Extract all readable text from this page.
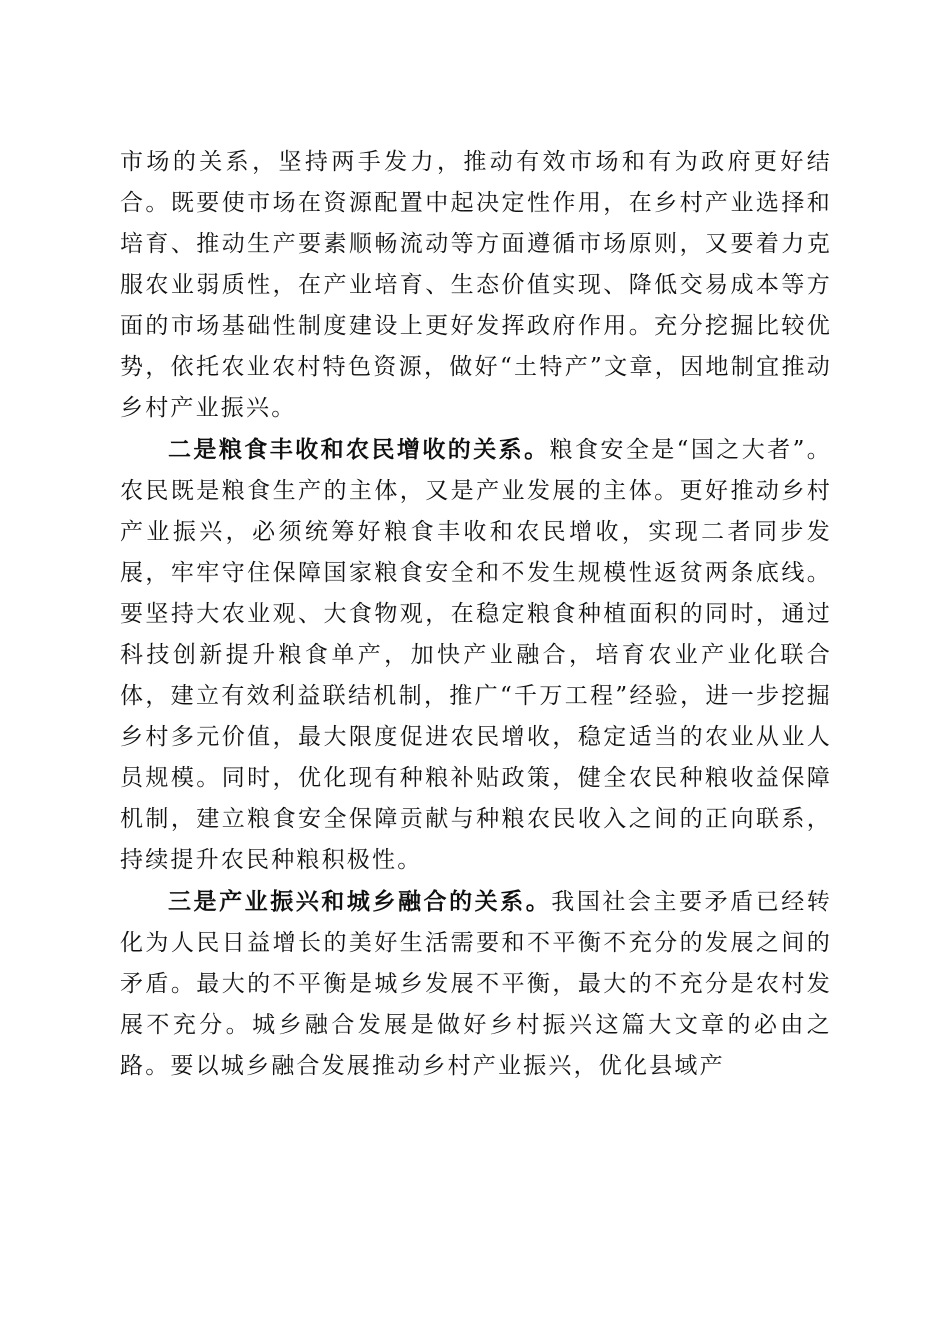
市场的关系，坚持两手发力，推动有效市场和有为政府更好结合。既要使市场在资源配置中起决定性作用，在乡村产业选择和培育、推动生产要素顺畅流动等方面遵循市场原则，又要着力克服农业弱质性，在产业培育、生态价值实现、降低交易成本等方面的市场基础性制度建设上更好发挥政府作用。充分挖掘比较优势，依托农业农村特色资源，做好“土特产”文章，因地制宜推动乡村产业振兴。

二是粮食丰收和农民增收的关系。粮食安全是“国之大者”。农民既是粮食生产的主体，又是产业发展的主体。更好推动乡村产业振兴，必须统筹好粮食丰收和农民增收，实现二者同步发展，牢牢守住保障国家粮食安全和不发生规模性返贫两条底线。要坚持大农业观、大食物观，在稳定粮食种植面积的同时，通过科技创新提升粮食单产，加快产业融合，培育农业产业化联合体，建立有效利益联结机制，推广“千万工程”经验，进一步挖掘乡村多元价值，最大限度促进农民增收，稳定适当的农业从业人员规模。同时，优化现有种粮补贴政策，健全农民种粮收益保障机制，建立粮食安全保障贡献与种粮农民收入之间的正向联系，持续提升农民种粮积极性。

三是产业振兴和城乡融合的关系。我国社会主要矛盾已经转化为人民日益增长的美好生活需要和不平衡不充分的发展之间的矛盾。最大的不平衡是城乡发展不平衡，最大的不充分是农村发展不充分。城乡融合发展是做好乡村振兴这篇大文章的必由之路。要以城乡融合发展推动乡村产业振兴，优化县域产
